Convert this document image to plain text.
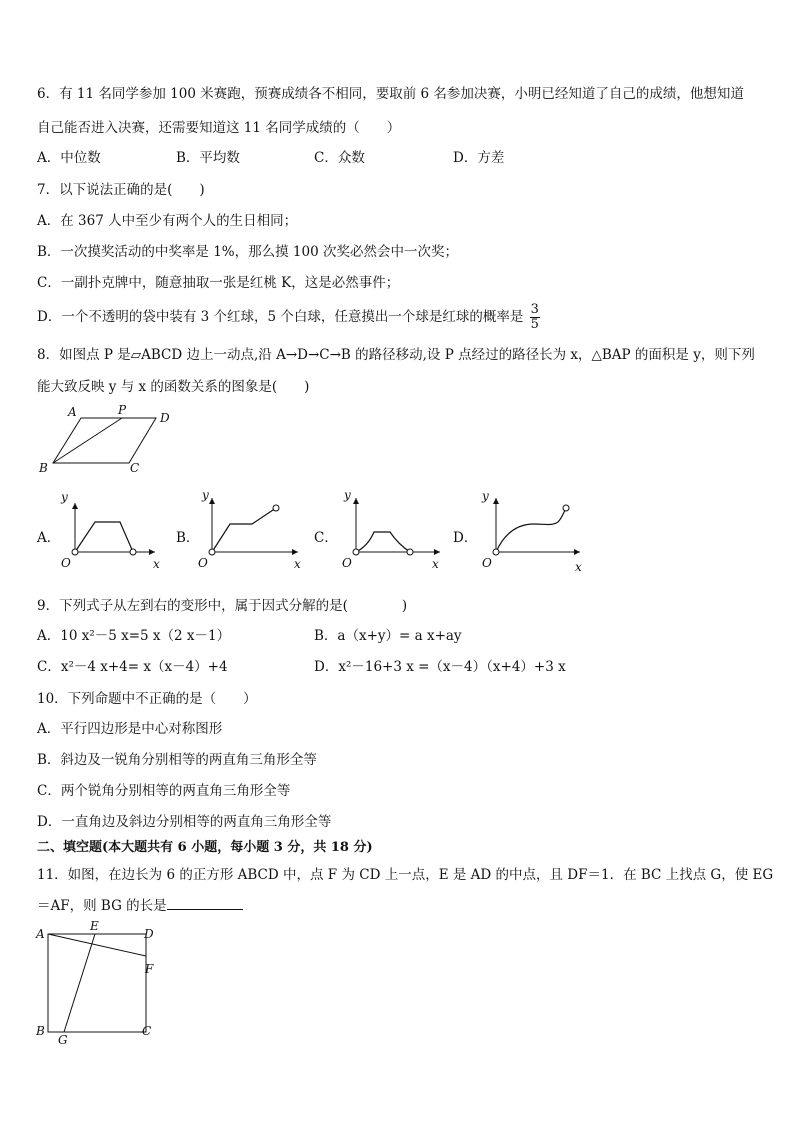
6．有 11 名同学参加 100 米赛跑，预赛成绩各不相同，要取前 6 名参加决赛，小明已经知道了自己的成绩，他想知道
自己能否进入决赛，还需要知道这 11 名同学成绩的（　　）
A．中位数	B．平均数	C．众数	D．方差
7．以下说法正确的是(　　)
A．在 367 人中至少有两个人的生日相同；
B．一次摸奖活动的中奖率是 1%，那么摸 100 次奖必然会中一次奖；
C．一副扑克牌中，随意抽取一张是红桃 K，这是必然事件；
D．一个不透明的袋中装有 3 个红球，5 个白球，任意摸出一个球是红球的概率是 $\frac{3}{5}$
8．如图点 P 是▱ABCD 边上一动点,沿 A→D→C→B 的路径移动,设 P 点经过的路径长为 x，△BAP 的面积是 y，则下列
能大致反映 y 与 x 的函数关系的图象是(　　)
A	P
D
B	C
A．	B．	C．	D．
y
x
O
y
x
O
y
x
O
y
x
O
9．下列式子从左到右的变形中，属于因式分解的是(　　　　)
A．10 x²－5 x=5 x（2 x－1）	B．a（x+y）= a x+ay
C．x²－4 x+4= x（x－4）+4	D．x²－16+3 x =（x－4）（x+4）+3 x
10．下列命题中不正确的是（　　）
A．平行四边形是中心对称图形
B．斜边及一锐角分别相等的两直角三角形全等
C．两个锐角分别相等的两直角三角形全等
D．一直角边及斜边分别相等的两直角三角形全等
二、填空题(本大题共有 6 小题，每小题 3 分，共 18 分)
11．如图，在边长为 6 的正方形 ABCD 中，点 F 为 CD 上一点，E 是 AD 的中点，且 DF＝1．在 BC 上找点 G，使 EG
＝AF，则 BG 的长是
A
E
D
F
B
G
C
